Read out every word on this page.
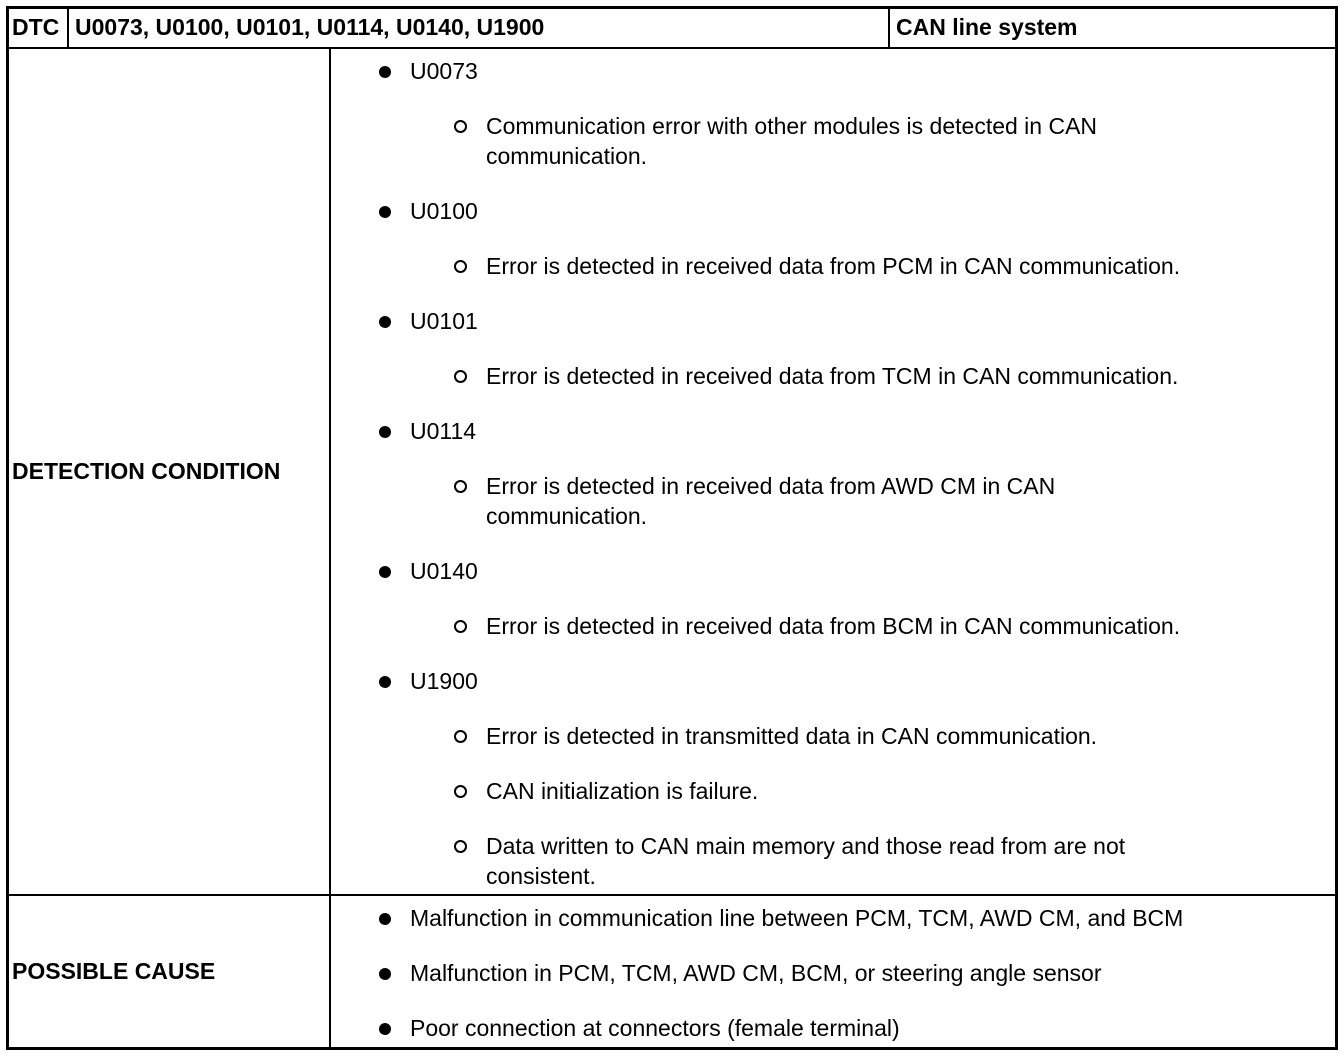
DTC U0073, U0100, U0101, U0114, U0140, U1900	CAN line system
DETECTION CONDITION
POSSIBLE CAUSE
U0073
Communication error with other modules is detected in CAN
communication.
U0100
Error is detected in received data from PCM in CAN communication.
U0101
Error is detected in received data from TCM in CAN communication.
U0114
Error is detected in received data from AWD CM in CAN
communication.
U0140
Error is detected in received data from BCM in CAN communication.
U1900
Error is detected in transmitted data in CAN communication.
CAN initialization is failure.
Data written to CAN main memory and those read from are not
consistent.
Malfunction in communication line between PCM, TCM, AWD CM, and BCM
Malfunction in PCM, TCM, AWD CM, BCM, or steering angle sensor
Poor connection at connectors (female terminal)
